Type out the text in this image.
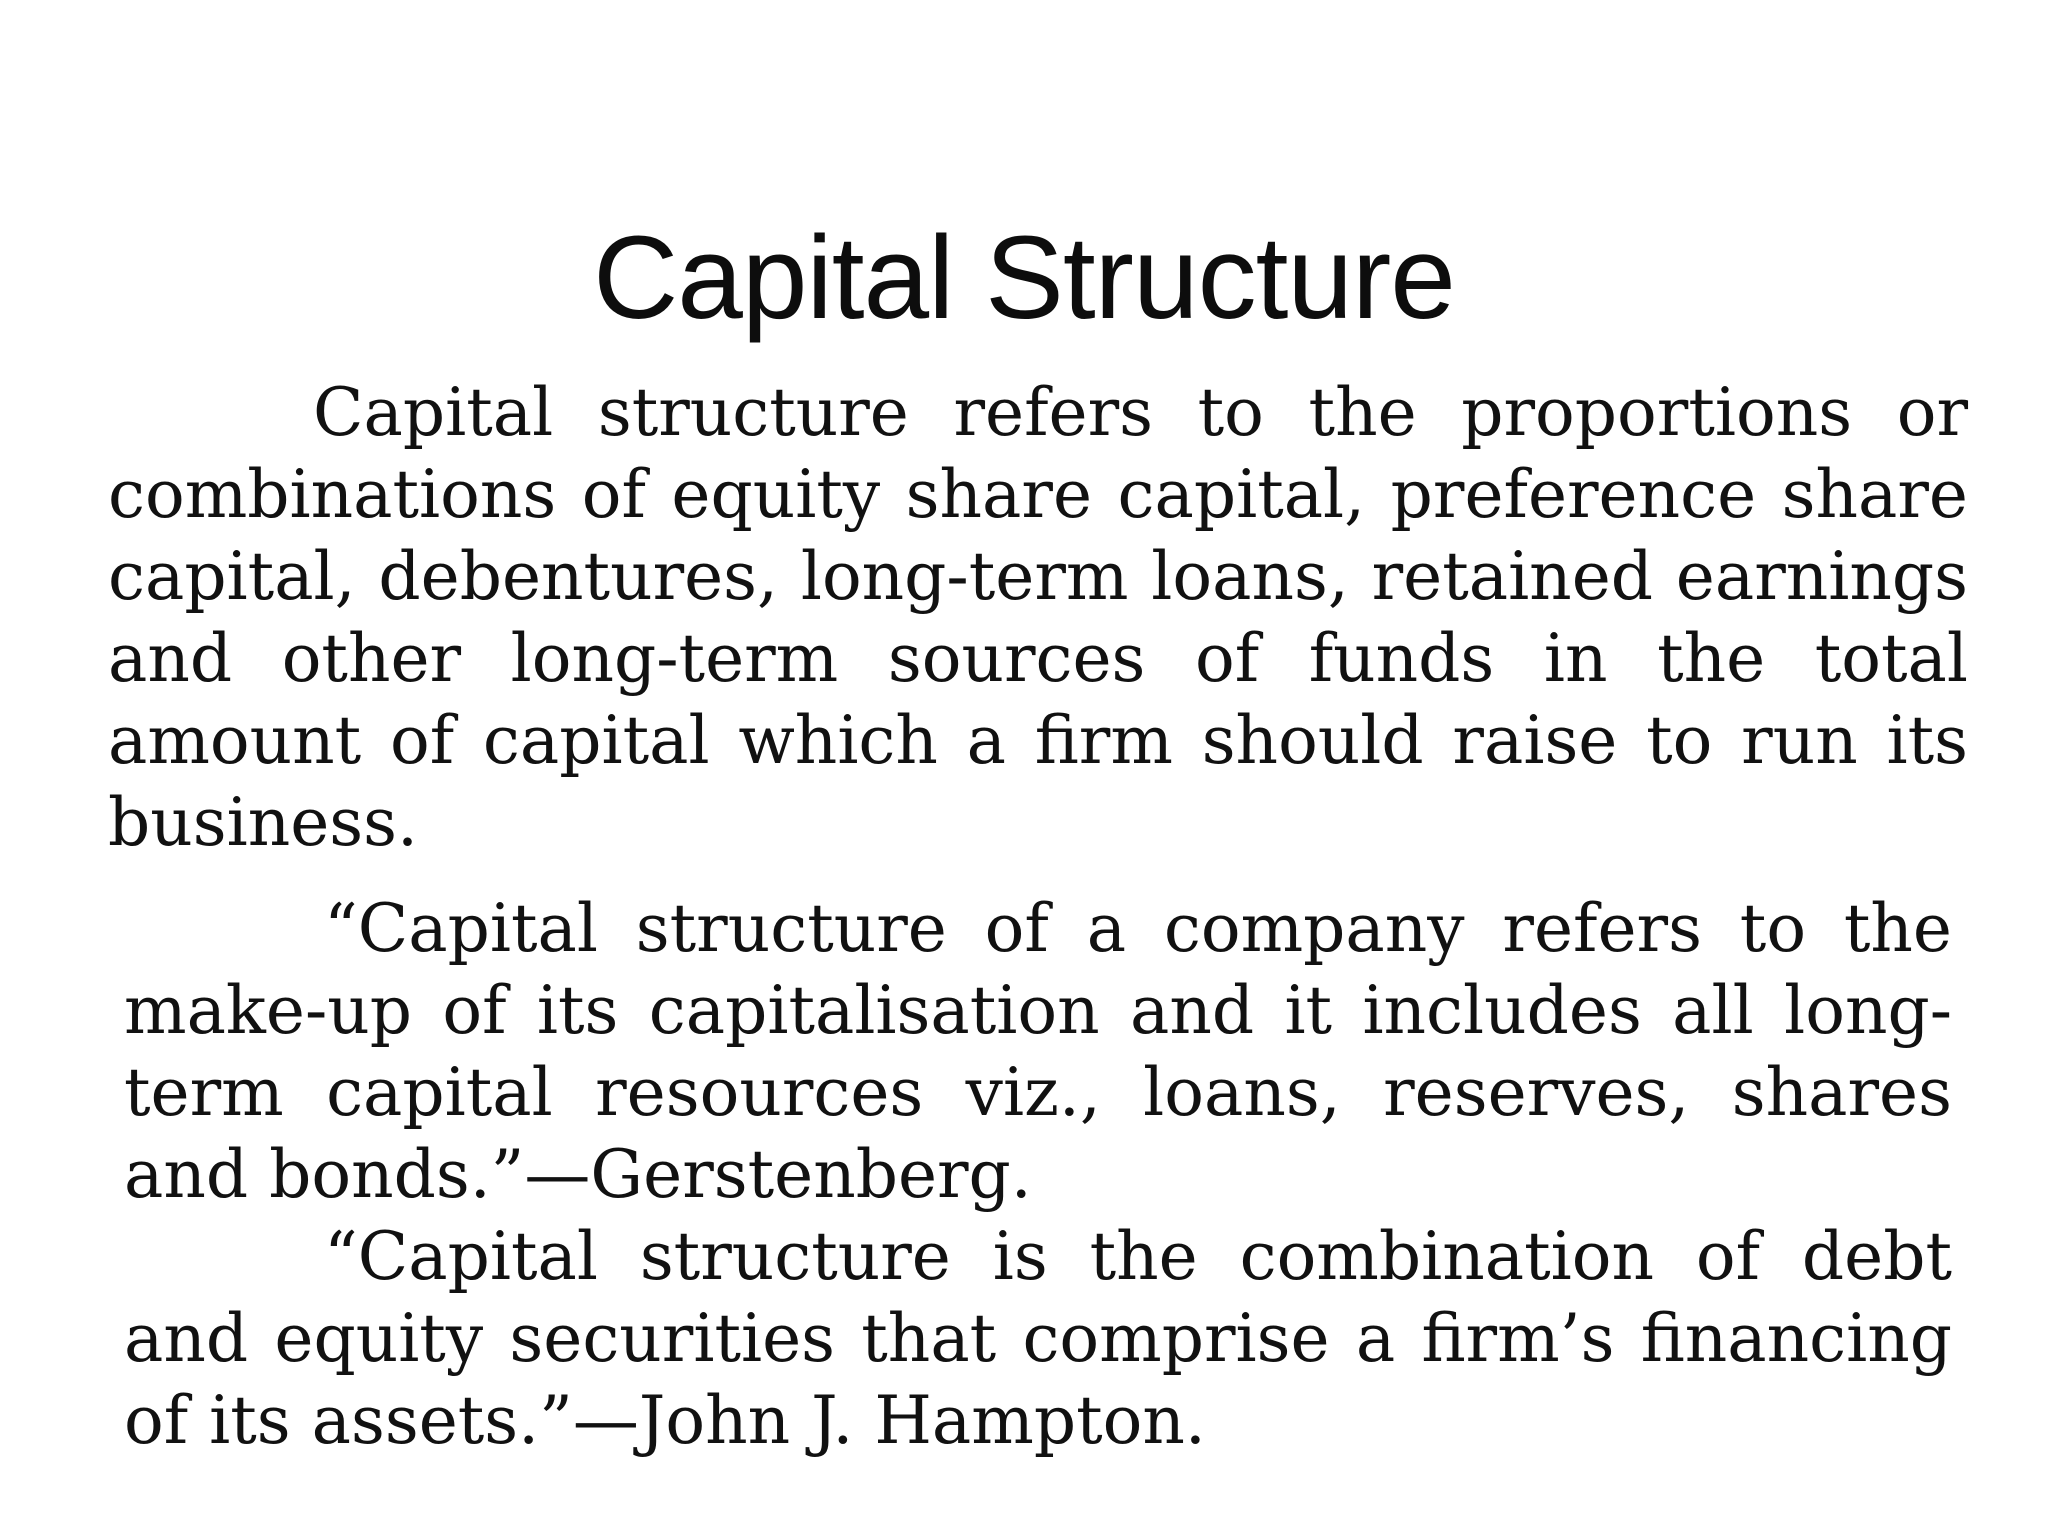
Capital Structure

Capital structure refers to the proportions or combinations of equity share capital, preference share capital, debentures, long-term loans, retained earnings and other long-term sources of funds in the total amount of capital which a firm should raise to run its business.

“Capital structure of a company refers to the make-up of its capitalisation and it includes all long-term capital resources viz., loans, reserves, shares and bonds.”—Gerstenberg.

“Capital structure is the combination of debt and equity securities that comprise a firm’s financing of its assets.”—John J. Hampton.
